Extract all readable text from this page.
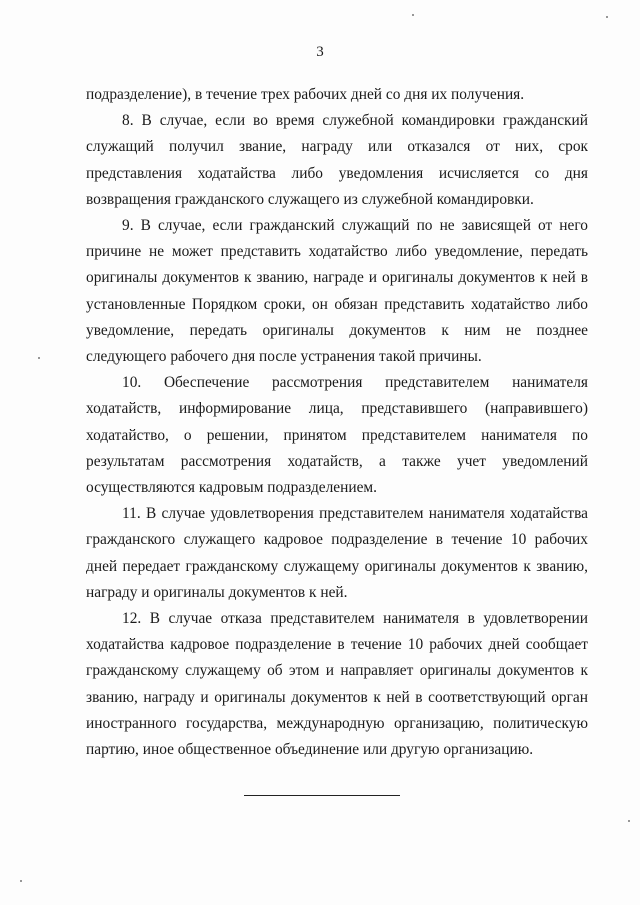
3

подразделение), в течение трех рабочих дней со дня их получения.

8. В случае, если во время служебной командировки гражданский служащий получил звание, награду или отказался от них, срок представления ходатайства либо уведомления исчисляется со дня возвращения гражданского служащего из служебной командировки.

9. В случае, если гражданский служащий по не зависящей от него причине не может представить ходатайство либо уведомление, передать оригиналы документов к званию, награде и оригиналы документов к ней в установленные Порядком сроки, он обязан представить ходатайство либо уведомление, передать оригиналы документов к ним не позднее следующего рабочего дня после устранения такой причины.

10. Обеспечение рассмотрения представителем нанимателя ходатайств, информирование лица, представившего (направившего) ходатайство, о решении, принятом представителем нанимателя по результатам рассмотрения ходатайств, а также учет уведомлений осуществляются кадровым подразделением.

11. В случае удовлетворения представителем нанимателя ходатайства гражданского служащего кадровое подразделение в течение 10 рабочих дней передает гражданскому служащему оригиналы документов к званию, награду и оригиналы документов к ней.

12. В случае отказа представителем нанимателя в удовлетворении ходатайства кадровое подразделение в течение 10 рабочих дней сообщает гражданскому служащему об этом и направляет оригиналы документов к званию, награду и оригиналы документов к ней в соответствующий орган иностранного государства, международную организацию, политическую партию, иное общественное объединение или другую организацию.
